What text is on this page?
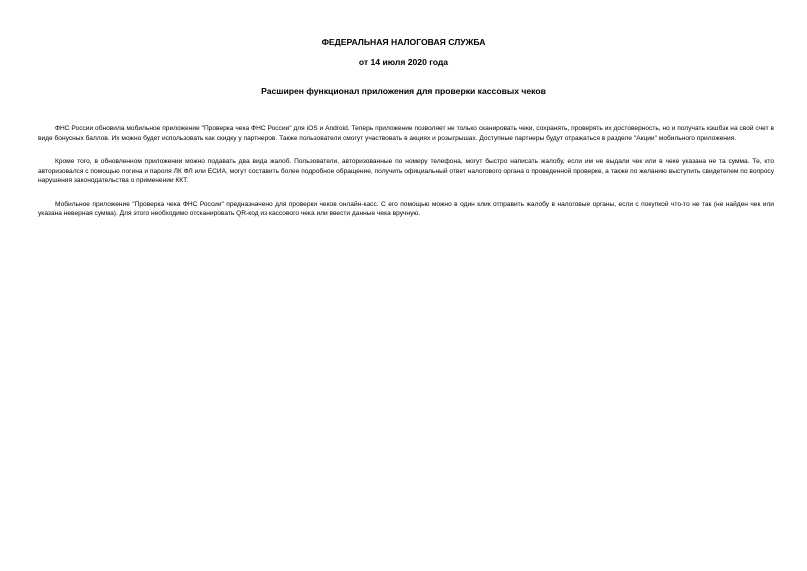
ФЕДЕРАЛЬНАЯ НАЛОГОВАЯ СЛУЖБА
от 14 июля 2020 года
Расширен функционал приложения для проверки кассовых чеков

ФНС России обновила мобильное приложение "Проверка чека ФНС России" для iOS и Android. Теперь приложение позволяет не только сканировать чеки, сохранять, проверять их достоверность, но и получать кэшбэк на свой счет в виде бонусных баллов. Их можно будет использовать как скидку у партнеров. Также пользователи смогут участвовать в акциях и розыгрышах. Доступные партнеры будут отражаться в разделе "Акции" мобильного приложения.

Кроме того, в обновленном приложении можно подавать два вида жалоб. Пользователи, авторизованные по номеру телефона, могут быстро написать жалобу, если им не выдали чек или в чеке указана не та сумма. Те, кто авторизовался с помощью логина и пароля ЛК ФЛ или ЕСИА, могут составить более подробное обращение, получить официальный ответ налогового органа о проведенной проверке, а также по желанию выступить свидетелем по вопросу нарушения законодательства о применении ККТ.

Мобильное приложение "Проверка чека ФНС России" предназначено для проверки чеков онлайн-касс. С его помощью можно в один клик отправить жалобу в налоговые органы, если с покупкой что-то не так (не найден чек или указана неверная сумма). Для этого необходимо отсканировать QR-код из кассового чека или ввести данные чека вручную.
